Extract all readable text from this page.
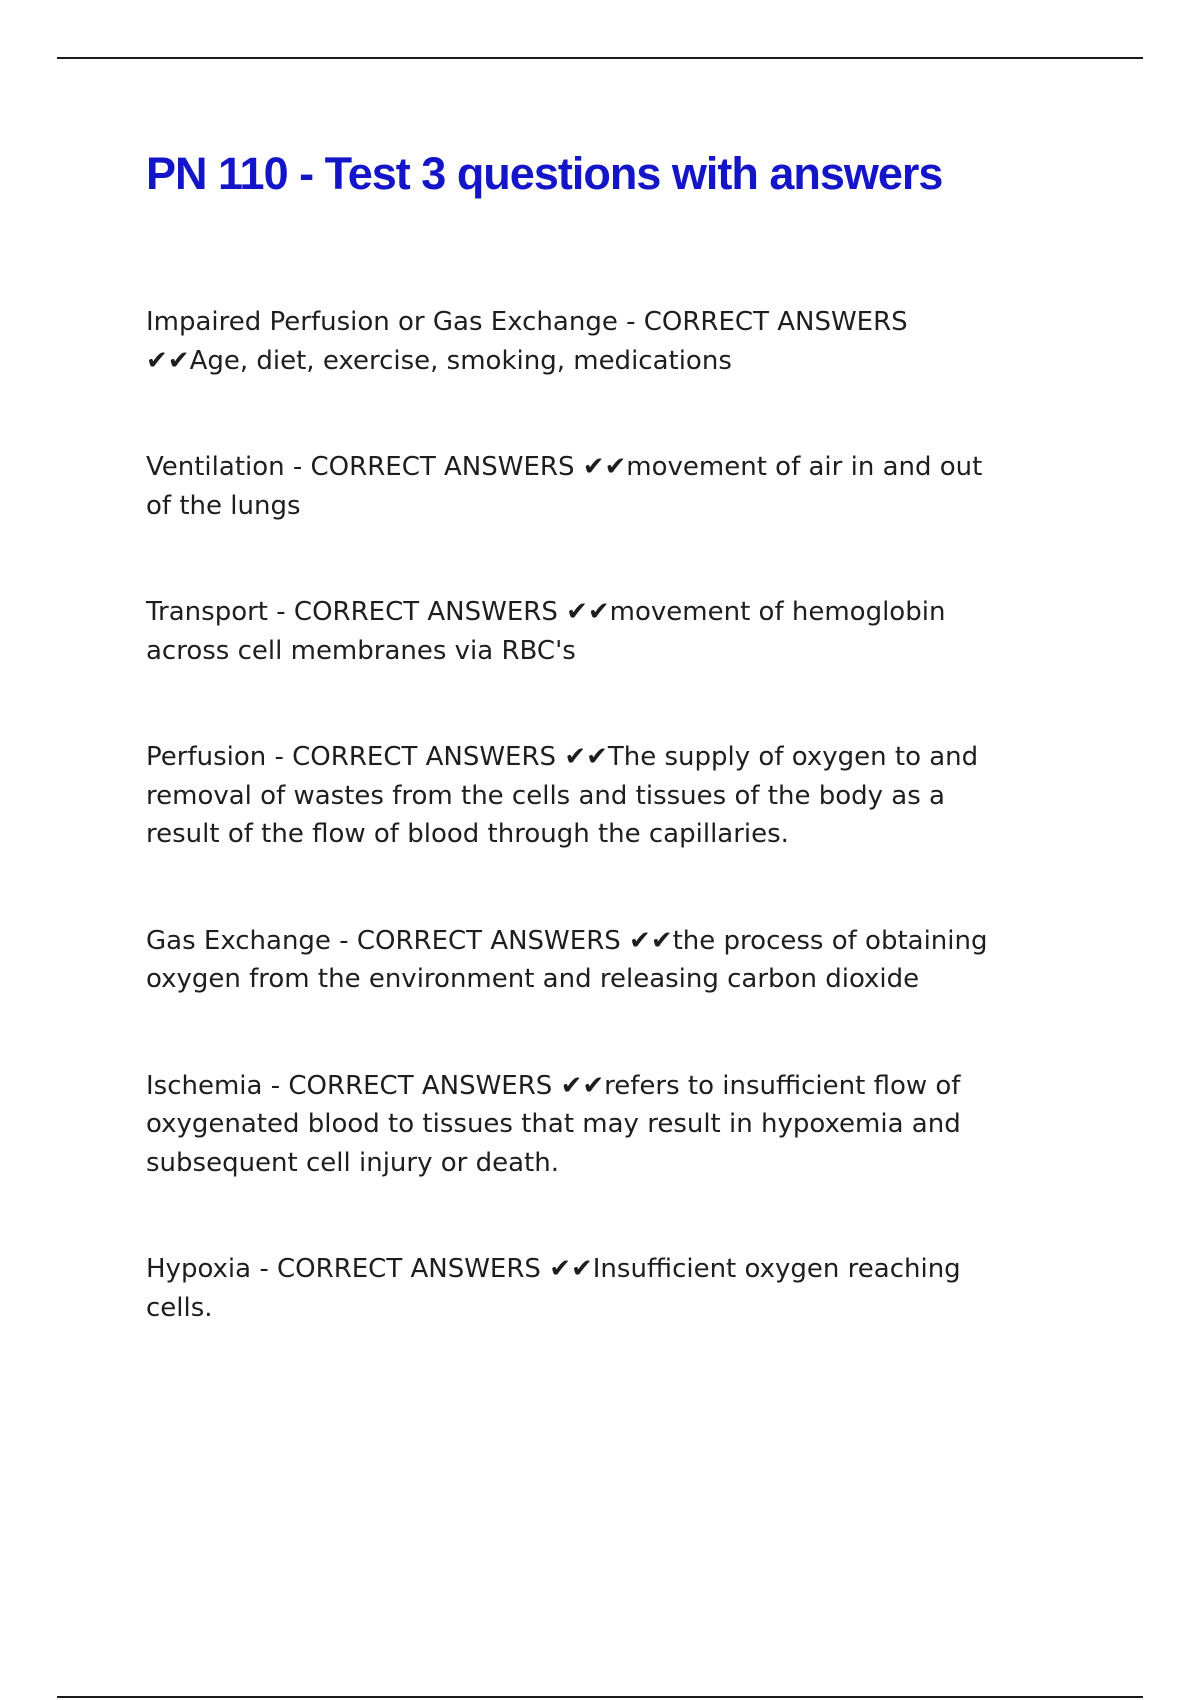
PN 110 - Test 3 questions with answers
Impaired Perfusion or Gas Exchange - CORRECT ANSWERS
✔✔Age, diet, exercise, smoking, medications
Ventilation - CORRECT ANSWERS ✔✔movement of air in and out
of the lungs
Transport - CORRECT ANSWERS ✔✔movement of hemoglobin
across cell membranes via RBC's
Perfusion - CORRECT ANSWERS ✔✔The supply of oxygen to and
removal of wastes from the cells and tissues of the body as a
result of the flow of blood through the capillaries.
Gas Exchange - CORRECT ANSWERS ✔✔the process of obtaining
oxygen from the environment and releasing carbon dioxide
Ischemia - CORRECT ANSWERS ✔✔refers to insufficient flow of
oxygenated blood to tissues that may result in hypoxemia and
subsequent cell injury or death.
Hypoxia - CORRECT ANSWERS ✔✔Insufficient oxygen reaching
cells.
